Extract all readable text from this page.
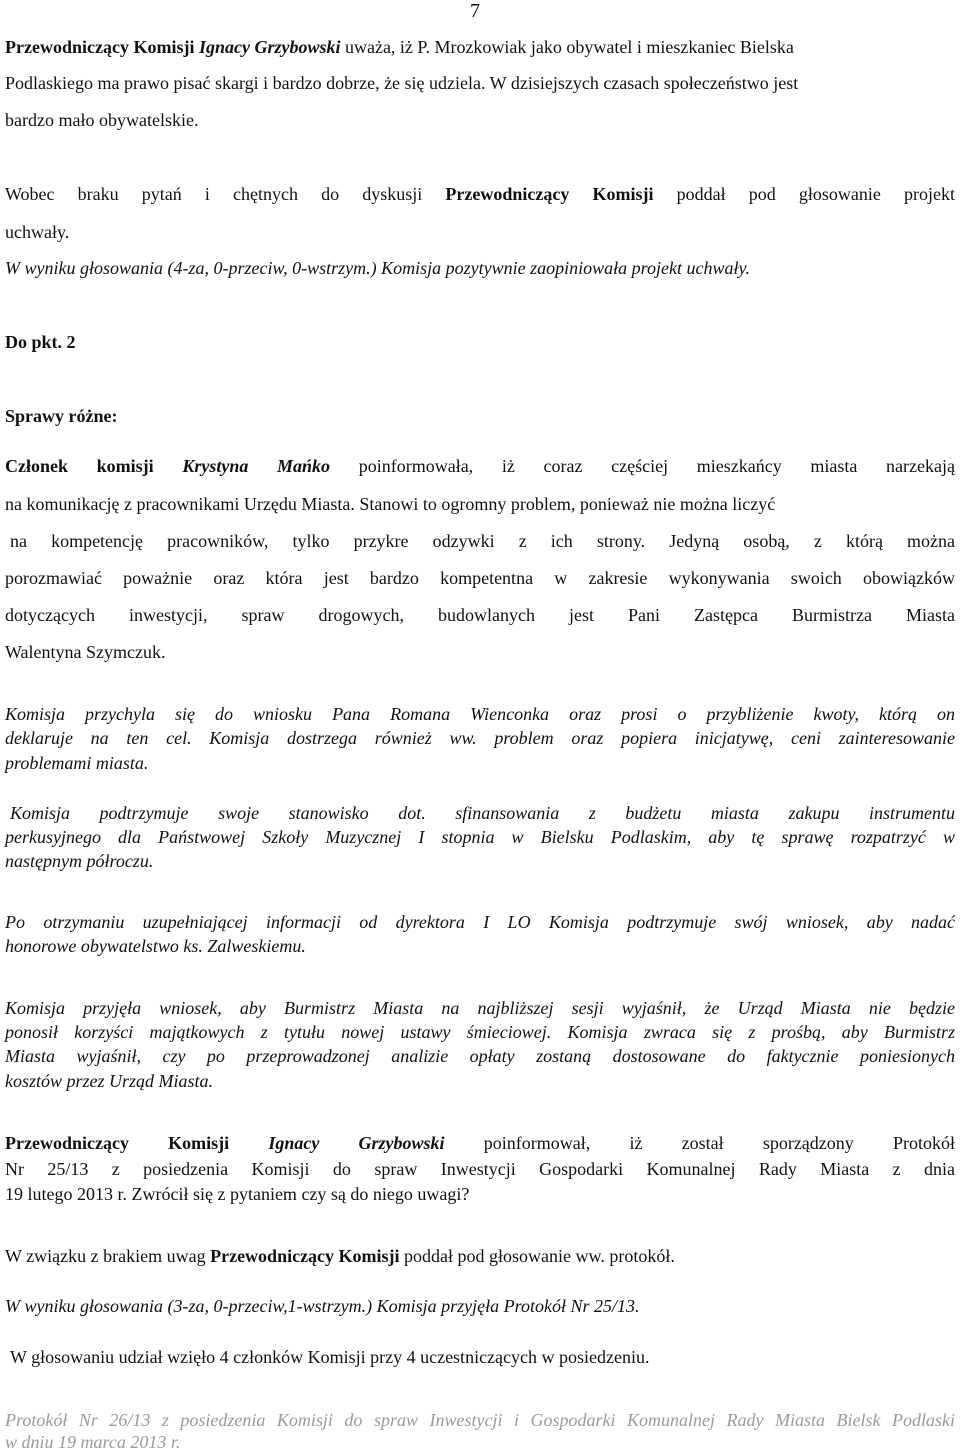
7
Przewodniczący Komisji Ignacy Grzybowski uważa, iż P. Mrozkowiak jako obywatel i mieszkaniec Bielska
Podlaskiego ma prawo pisać skargi i bardzo dobrze, że się udziela. W dzisiejszych czasach społeczeństwo jest
bardzo mało obywatelskie.
Wobec braku pytań i chętnych do dyskusji Przewodniczący Komisji poddał pod głosowanie projekt
uchwały.
W wyniku głosowania (4-za, 0-przeciw, 0-wstrzym.) Komisja pozytywnie zaopiniowała projekt uchwały.
Do pkt. 2
Sprawy różne:
Członek komisji Krystyna Mańko poinformowała, iż coraz częściej mieszkańcy miasta narzekają
na komunikację z pracownikami Urzędu Miasta. Stanowi to ogromny problem, ponieważ nie można liczyć
na kompetencję pracowników, tylko przykre odzywki z ich strony. Jedyną osobą, z którą można
porozmawiać poważnie oraz która jest bardzo kompetentna w zakresie wykonywania swoich obowiązków
dotyczących inwestycji, spraw drogowych, budowlanych jest Pani Zastępca Burmistrza Miasta
Walentyna Szymczuk.
Komisja przychyla się do wniosku Pana Romana Wienconka oraz prosi o przybliżenie kwoty, którą on
deklaruje na ten cel. Komisja dostrzega również ww. problem oraz popiera inicjatywę, ceni zainteresowanie
problemami miasta.
Komisja podtrzymuje swoje stanowisko dot. sfinansowania z budżetu miasta zakupu instrumentu
perkusyjnego dla Państwowej Szkoły Muzycznej I stopnia w Bielsku Podlaskim, aby tę sprawę rozpatrzyć w
następnym półroczu.
Po otrzymaniu uzupełniającej informacji od dyrektora I LO Komisja podtrzymuje swój wniosek, aby nadać
honorowe obywatelstwo ks. Zalweskiemu.
Komisja przyjęła wniosek, aby Burmistrz Miasta na najbliższej sesji wyjaśnił, że Urząd Miasta nie będzie
ponosił korzyści majątkowych z tytułu nowej ustawy śmieciowej. Komisja zwraca się z prośbą, aby Burmistrz
Miasta wyjaśnił, czy po przeprowadzonej analizie opłaty zostaną dostosowane do faktycznie poniesionych
kosztów przez Urząd Miasta.
Przewodniczący Komisji Ignacy Grzybowski poinformował, iż został sporządzony Protokół
Nr 25/13 z posiedzenia Komisji do spraw Inwestycji Gospodarki Komunalnej Rady Miasta z dnia
19 lutego 2013 r. Zwrócił się z pytaniem czy są do niego uwagi?
W związku z brakiem uwag Przewodniczący Komisji poddał pod głosowanie ww. protokół.
W wyniku głosowania (3-za, 0-przeciw,1-wstrzym.) Komisja przyjęła Protokół Nr 25/13.
W głosowaniu udział wzięło 4 członków Komisji przy 4 uczestniczących w posiedzeniu.
Protokół Nr 26/13 z posiedzenia Komisji do spraw Inwestycji i Gospodarki Komunalnej Rady Miasta Bielsk Podlaski
w dniu 19 marca 2013 r.
